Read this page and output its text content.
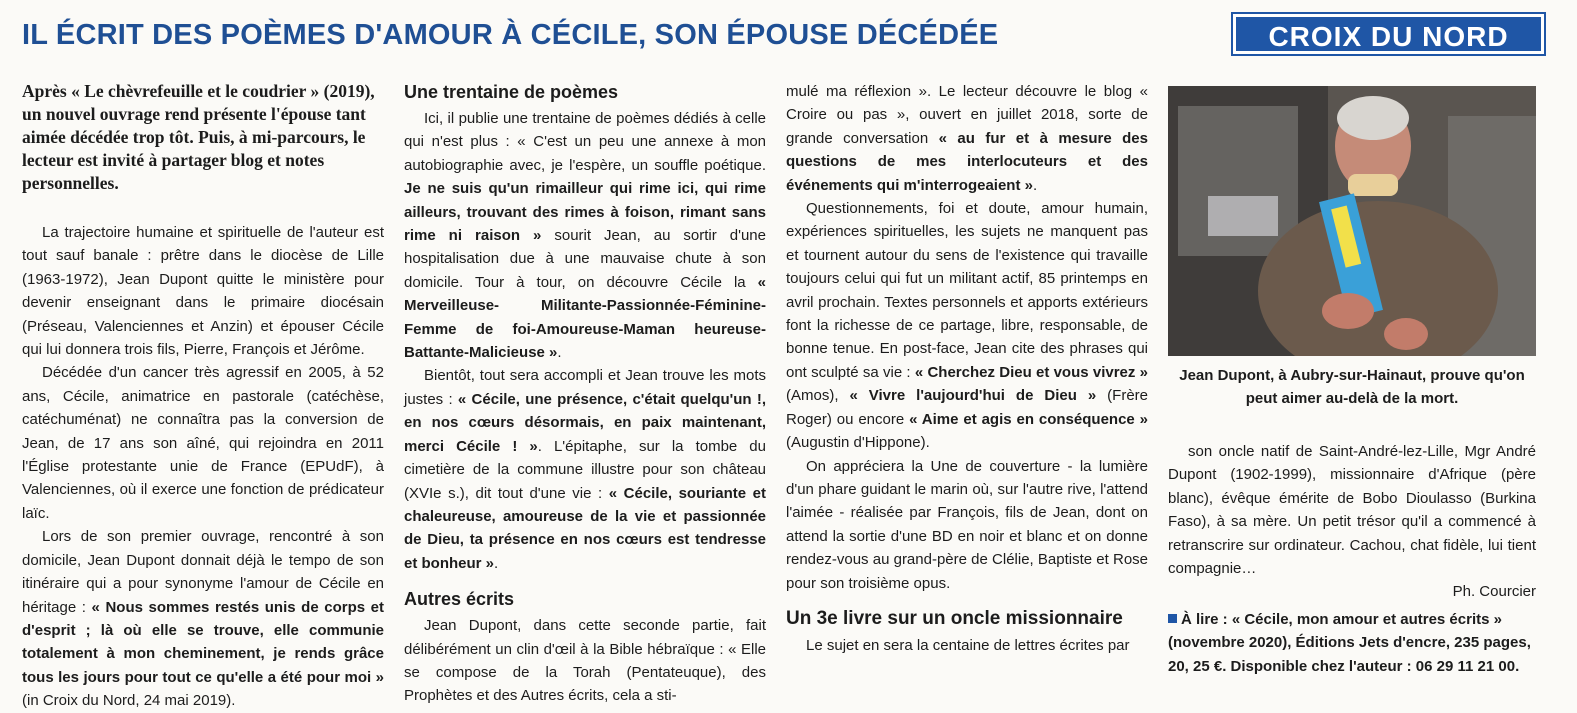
IL ÉCRIT DES POÈMES D'AMOUR À CÉCILE, SON ÉPOUSE DÉCÉDÉE	CROIX DU NORD

Après « Le chèvrefeuille et le coudrier » (2019), un nouvel ouvrage rend présente l'épouse tant aimée décédée trop tôt. Puis, à mi-parcours, le lecteur est invité à partager blog et notes personnelles.

La trajectoire humaine et spirituelle de l'auteur est tout sauf banale : prêtre dans le diocèse de Lille (1963-1972), Jean Dupont quitte le ministère pour devenir enseignant dans le primaire diocésain (Préseau, Valenciennes et Anzin) et épouser Cécile qui lui donnera trois fils, Pierre, François et Jérôme.

Décédée d'un cancer très agressif en 2005, à 52 ans, Cécile, animatrice en pastorale (catéchèse, catéchuménat) ne connaîtra pas la conversion de Jean, de 17 ans son aîné, qui rejoindra en 2011 l'Église protestante unie de France (EPUdF), à Valenciennes, où il exerce une fonction de prédicateur laïc.

Lors de son premier ouvrage, rencontré à son domicile, Jean Dupont donnait déjà le tempo de son itinéraire qui a pour synonyme l'amour de Cécile en héritage : « Nous sommes restés unis de corps et d'esprit ; là où elle se trouve, elle communie totalement à mon cheminement, je rends grâce tous les jours pour tout ce qu'elle a été pour moi » (in Croix du Nord, 24 mai 2019).

Une trentaine de poèmes

Ici, il publie une trentaine de poèmes dédiés à celle qui n'est plus : « C'est un peu une annexe à mon autobiographie avec, je l'espère, un souffle poétique. Je ne suis qu'un rimailleur qui rime ici, qui rime ailleurs, trouvant des rimes à foison, rimant sans rime ni raison » sourit Jean, au sortir d'une hospitalisation due à une mauvaise chute à son domicile. Tour à tour, on découvre Cécile la « Merveilleuse- Militante-Passionnée-Féminine-Femme de foi-Amoureuse-Maman heureuse-Battante-Malicieuse ».

Bientôt, tout sera accompli et Jean trouve les mots justes : « Cécile, une présence, c'était quelqu'un !, en nos cœurs désormais, en paix maintenant, merci Cécile ! ». L'épitaphe, sur la tombe du cimetière de la commune illustre pour son château (XVIe s.), dit tout d'une vie : « Cécile, souriante et chaleureuse, amoureuse de la vie et passionnée de Dieu, ta présence en nos cœurs est tendresse et bonheur ».

Autres écrits

Jean Dupont, dans cette seconde partie, fait délibérément un clin d'œil à la Bible hébraïque : « Elle se compose de la Torah (Pentateuque), des Prophètes et des Autres écrits, cela a sti-

mulé ma réflexion ». Le lecteur découvre le blog « Croire ou pas », ouvert en juillet 2018, sorte de grande conversation « au fur et à mesure des questions de mes interlocuteurs et des événements qui m'interrogeaient ».

Questionnements, foi et doute, amour humain, expériences spirituelles, les sujets ne manquent pas et tournent autour du sens de l'existence qui travaille toujours celui qui fut un militant actif, 85 printemps en avril prochain. Textes personnels et apports extérieurs font la richesse de ce partage, libre, responsable, de bonne tenue. En post-face, Jean cite des phrases qui ont sculpté sa vie : « Cherchez Dieu et vous vivrez » (Amos), « Vivre l'aujourd'hui de Dieu » (Frère Roger) ou encore « Aime et agis en conséquence » (Augustin d'Hippone).

On appréciera la Une de couverture - la lumière d'un phare guidant le marin où, sur l'autre rive, l'attend l'aimée - réalisée par François, fils de Jean, dont on attend la sortie d'une BD en noir et blanc et on donne rendez-vous au grand-père de Clélie, Baptiste et Rose pour son troisième opus.

Un 3e livre sur un oncle missionnaire

Le sujet en sera la centaine de lettres écrites par

Jean Dupont, à Aubry-sur-Hainaut, prouve qu'on peut aimer au-delà de la mort.

son oncle natif de Saint-André-lez-Lille, Mgr André Dupont (1902-1999), missionnaire d'Afrique (père blanc), évêque émérite de Bobo Dioulasso (Burkina Faso), à sa mère. Un petit trésor qu'il a commencé à retranscrire sur ordinateur. Cachou, chat fidèle, lui tient compagnie…

Ph. Courcier

À lire : « Cécile, mon amour et autres écrits » (novembre 2020), Éditions Jets d'encre, 235 pages, 20, 25 €. Disponible chez l'auteur : 06 29 11 21 00.
